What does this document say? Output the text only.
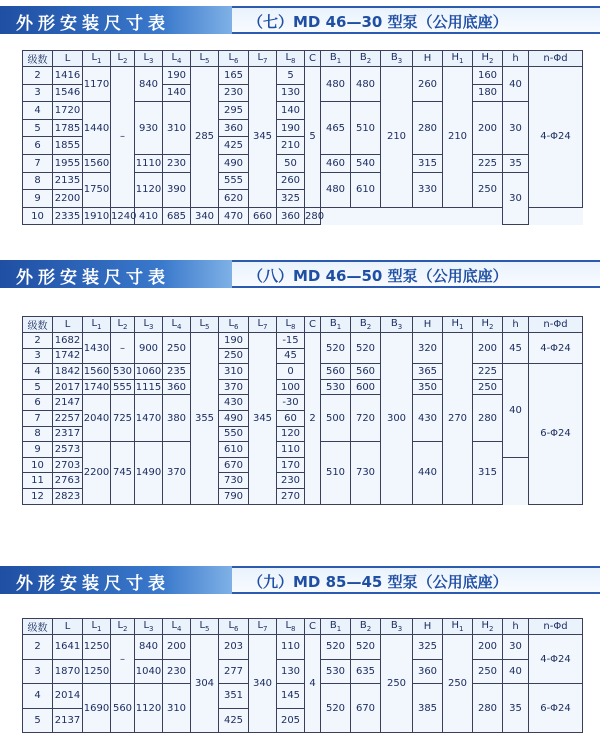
外形安装尺寸表	（七）MD 46—30 型泵（公用底座）
级数	L	$L_1$	$L_2$	$L_3$	$L_4$	$L_5$	$L_6$	$L_7$	$L_8$	C	$B_1$	$B_2$	$B_3$	H	$H_1$	$H_2$	h	n-Φd
2	1416	1170	–	840	190	285	165	345	5	5	480	480	210	260	210	160	40	4-Φ24
3	1546				140		230		130							180		
4	1720	1440		930	310		295		140		465	510		280		200	30	
5	1785						360		190									
6	1855						425		210									
7	1955	1560		1110	230		490		50		460	540		315		225	35	
8	2135	1750		1120	390		555		260		480	610		330		250	30	
9	2200						620		325									
10	2335	1910	1240	410	685	340	470	660	360	280								
外形安装尺寸表	（八）MD 46—50 型泵（公用底座）
级数	L	$L_1$	$L_2$	$L_3$	$L_4$	$L_5$	$L_6$	$L_7$	$L_8$	C	$B_1$	$B_2$	$B_3$	H	$H_1$	$H_2$	h	n-Φd	
2	1682	1430	–	900	250	355	190	345	-15	2	520	520	300	320	270	200	45	4-Φ24	
3	1742						250		45										
4	1842	1560	530	1060	235		310		0		560	560		365		225	40	6-Φ24	
5	2017	1740	555	1115	360		370		100		530	600		350		250			
6	2147	2040	725	1470	380		430		-30		500	720		430		280			
7	2257						490		60										
8	2317						550		120										
9	2573	2200	745	1490	370		610		110		510	730		440		315	
10	2703						670		170										
11	2763						730		230										
12	2823						790		270										
外形安装尺寸表	（九）MD 85—45 型泵（公用底座）
级数	L	$L_1$	$L_2$	$L_3$	$L_4$	$L_5$	$L_6$	$L_7$	$L_8$	C	$B_1$	$B_2$	$B_3$	H	$H_1$	$H_2$	h	n-Φd
2	1641	1250	–	840	200	304	203	340	110	4	520	520	250	325	250	200	30	4-Φ24
3	1870	1250		1040	230		277		130		530	635		360		250	40	
4	2014	1690	560	1120	310		351		145		520	670		385		280	35	6-Φ24
5	2137						425		205									
